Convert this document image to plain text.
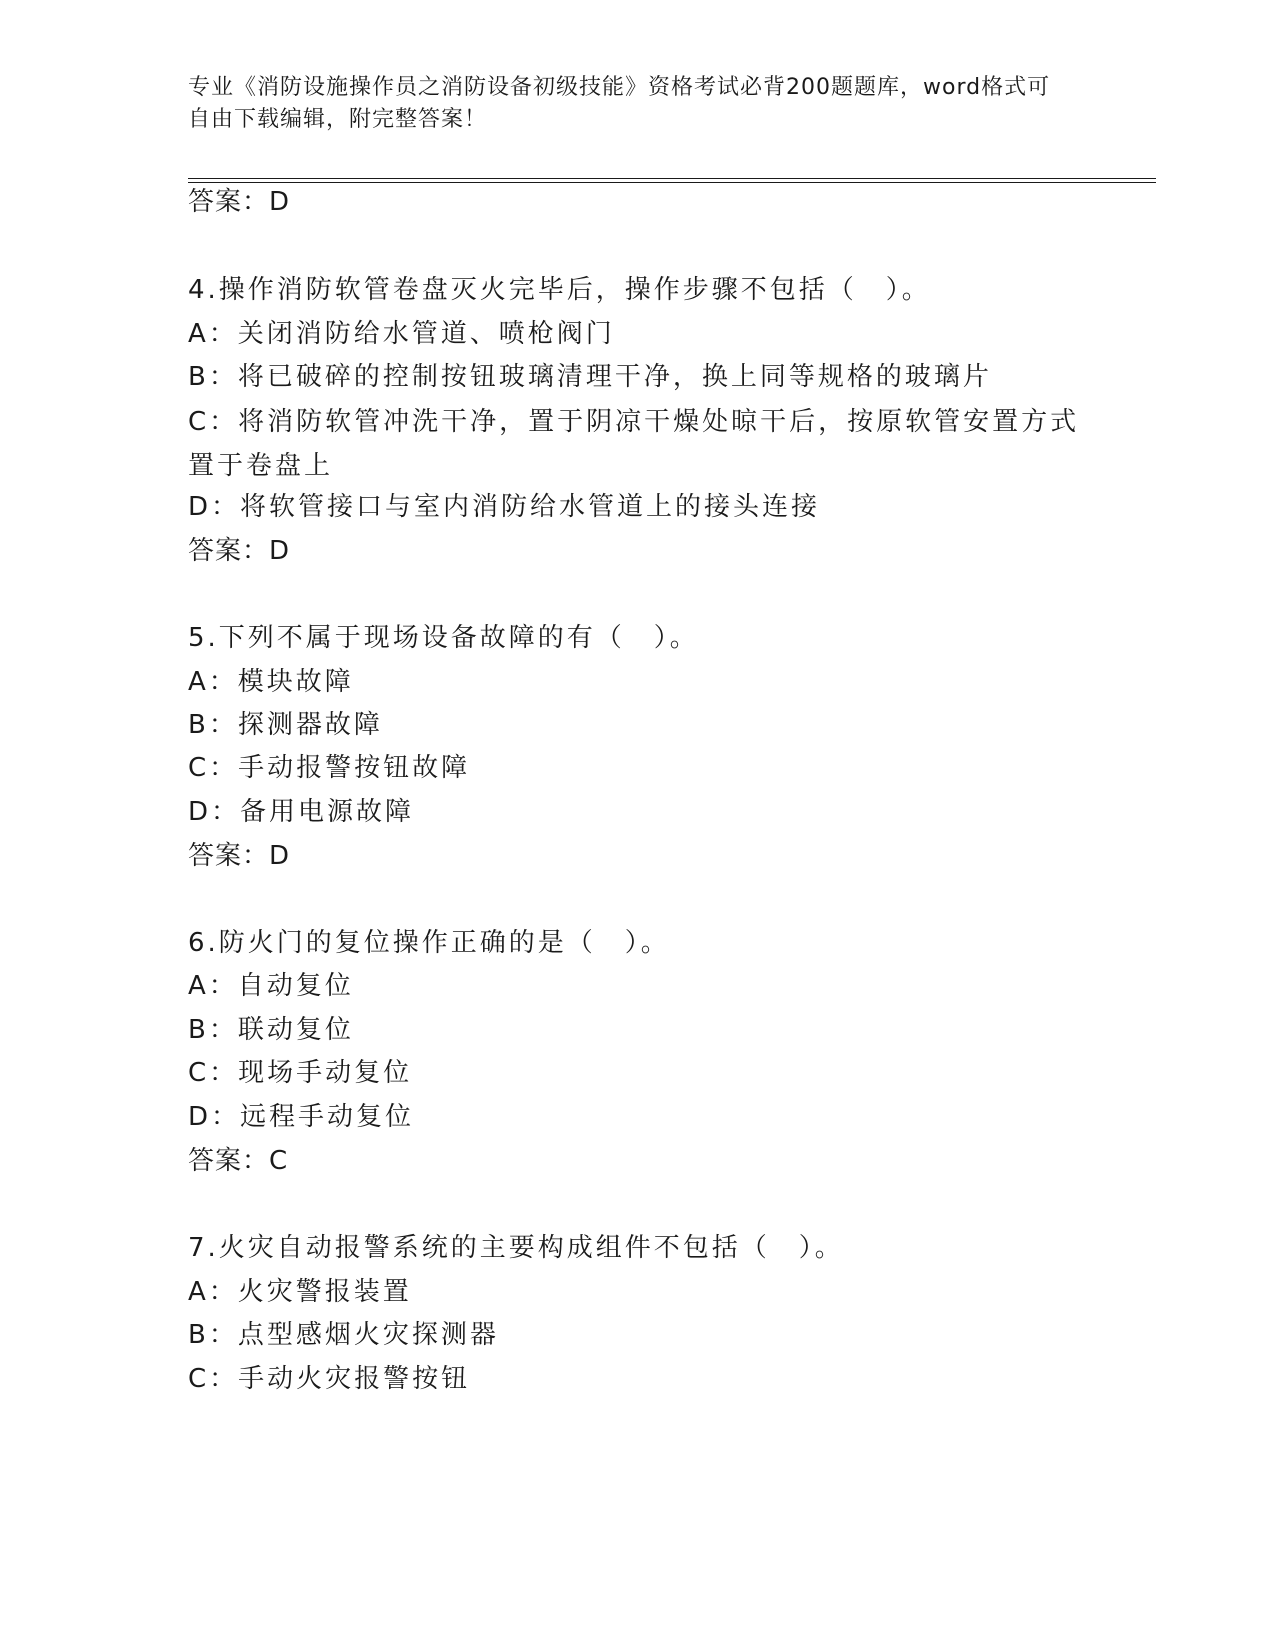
专业《消防设施操作员之消防设备初级技能》资格考试必背200题题库，word格式可自由下载编辑，附完整答案！
答案：D
4.操作消防软管卷盘灭火完毕后，操作步骤不包括（　）。
A：关闭消防给水管道、喷枪阀门
B：将已破碎的控制按钮玻璃清理干净，换上同等规格的玻璃片
C：将消防软管冲洗干净，置于阴凉干燥处晾干后，按原软管安置方式置于卷盘上
D：将软管接口与室内消防给水管道上的接头连接
答案：D
5.下列不属于现场设备故障的有（　）。
A：模块故障
B：探测器故障
C：手动报警按钮故障
D：备用电源故障
答案：D
6.防火门的复位操作正确的是（　）。
A：自动复位
B：联动复位
C：现场手动复位
D：远程手动复位
答案：C
7.火灾自动报警系统的主要构成组件不包括（　）。
A：火灾警报装置
B：点型感烟火灾探测器
C：手动火灾报警按钮
